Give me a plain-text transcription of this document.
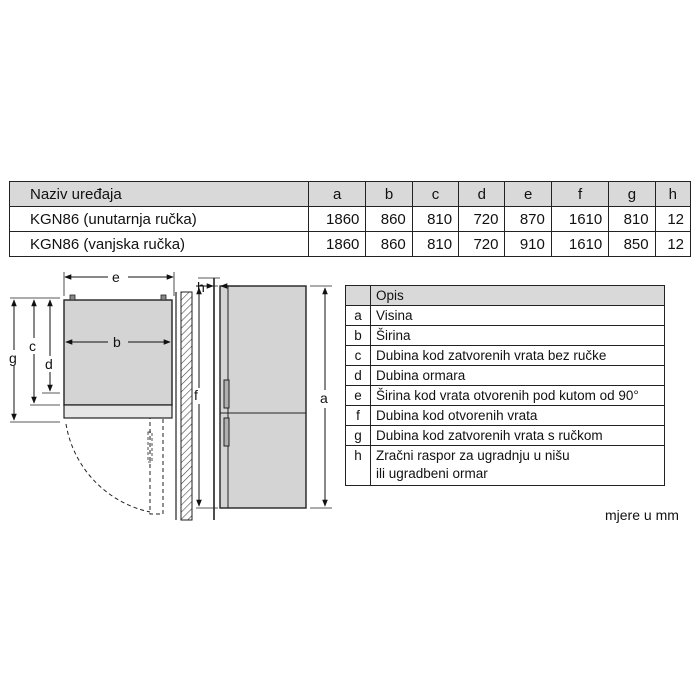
Naziv uređaja	a	b	c	d	e	f	g	h
KGN86 (unutarnja ručka)	1860	860	810	720	870	1610	810	12
KGN86 (vanjska ručka)	1860	860	810	720	910	1610	850	12
e
b
g
c
d
h
f	a
	Opis
a	Visina
b	Širina
c	Dubina kod zatvorenih vrata bez ručke
d	Dubina ormara
e	Širina kod vrata otvorenih pod kutom od 90°
f	Dubina kod otvorenih vrata
g	Dubina kod zatvorenih vrata s ručkom
h	Zračni raspor za ugradnju u nišu
ili ugradbeni ormar
mjere u mm
